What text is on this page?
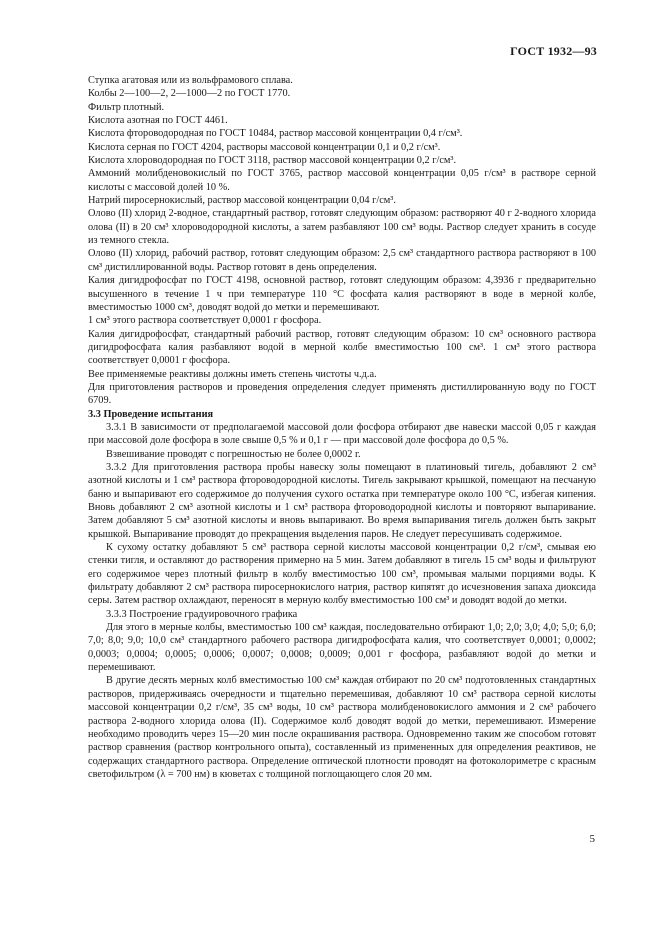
ГОСТ 1932—93

Ступка агатовая или из вольфрамового сплава.

Колбы 2—100—2, 2—1000—2 по ГОСТ 1770.

Фильтр плотный.

Кислота азотная по ГОСТ 4461.

Кислота фтороводородная по ГОСТ 10484, раствор массовой концентрации 0,4 г/см³.

Кислота серная по ГОСТ 4204, растворы массовой концентрации 0,1 и 0,2 г/см³.

Кислота хлороводородная по ГОСТ 3118, раствор массовой концентрации 0,2 г/см³.

Аммоний молибденовокислый по ГОСТ 3765, раствор массовой концентрации 0,05 г/см³ в растворе серной кислоты с массовой долей 10 %.

Натрий пиросернокислый, раствор массовой концентрации 0,04 г/см³.

Олово (II) хлорид 2-водное, стандартный раствор, готовят следующим образом: растворяют 40 г 2-водного хлорида олова (II) в 20 см³ хлороводородной кислоты, а затем разбавляют 100 см³ воды. Раствор следует хранить в сосуде из темного стекла.

Олово (II) хлорид, рабочий раствор, готовят следующим образом: 2,5 см³ стандартного раствора растворяют в 100 см³ дистиллированной воды. Раствор готовят в день определения.

Калия дигидрофосфат по ГОСТ 4198, основной раствор, готовят следующим образом: 4,3936 г предварительно высушенного в течение 1 ч при температуре 110 °С фосфата калия растворяют в воде в мерной колбе, вместимостью 1000 см³, доводят водой до метки и перемешивают.

1 см³ этого раствора соответствует 0,0001 г фосфора.

Калия дигидрофосфат, стандартный рабочий раствор, готовят следующим образом: 10 см³ основного раствора дигидрофосфата калия разбавляют водой в мерной колбе вместимостью 100 см³. 1 см³ этого раствора соответствует 0,0001 г фосфора.

Вее применяемые реактивы должны иметь степень чистоты ч.д.а.

Для приготовления растворов и проведения определения следует применять дистиллированную воду по ГОСТ 6709.

3.3 Проведение испытания

3.3.1 В зависимости от предполагаемой массовой доли фосфора отбирают две навески массой 0,05 г каждая при массовой доле фосфора в золе свыше 0,5 % и 0,1 г — при массовой доле фосфора до 0,5 %.

Взвешивание проводят с погрешностью не более 0,0002 г.

3.3.2 Для приготовления раствора пробы навеску золы помещают в платиновый тигель, добавляют 2 см³ азотной кислоты и 1 см³ раствора фтороводородной кислоты. Тигель закрывают крышкой, помещают на песчаную баню и выпаривают его содержимое до получения сухого остатка при температуре около 100 °С, избегая кипения. Вновь добавляют 2 см³ азотной кислоты и 1 см³ раствора фтороводородной кислоты и повторяют выпаривание. Затем добавляют 5 см³ азотной кислоты и вновь выпаривают. Во время выпаривания тигель должен быть закрыт крышкой. Выпаривание проводят до прекращения выделения паров. Не следует пересушивать содержимое.

К сухому остатку добавляют 5 см³ раствора серной кислоты массовой концентрации 0,2 г/см³, смывая ею стенки тигля, и оставляют до растворения примерно на 5 мин. Затем добавляют в тигель 15 см³ воды и фильтруют его содержимое через плотный фильтр в колбу вместимостью 100 см³, промывая малыми порциями воды. К фильтрату добавляют 2 см³ раствора пиросернокислого натрия, раствор кипятят до исчезновения запаха диоксида серы. Затем раствор охлаждают, переносят в мерную колбу вместимостью 100 см³ и доводят водой до метки.

3.3.3 Построение градуировочного графика

Для этого в мерные колбы, вместимостью 100 см³ каждая, последовательно отбирают 1,0; 2,0; 3,0; 4,0; 5,0; 6,0; 7,0; 8,0; 9,0; 10,0 см³ стандартного рабочего раствора дигидрофосфата калия, что соответствует 0,0001; 0,0002; 0,0003; 0,0004; 0,0005; 0,0006; 0,0007; 0,0008; 0,0009; 0,001 г фосфора, разбавляют водой до метки и перемешивают.

В другие десять мерных колб вместимостью 100 см³ каждая отбирают по 20 см³ подготовленных стандартных растворов, придерживаясь очередности и тщательно перемешивая, добавляют 10 см³ раствора серной кислоты массовой концентрации 0,2 г/см³, 35 см³ воды, 10 см³ раствора молибденовокислого аммония и 2 см³ рабочего раствора 2-водного хлорида олова (II). Содержимое колб доводят водой до метки, перемешивают. Измерение необходимо проводить через 15—20 мин после окрашивания раствора. Одновременно таким же способом готовят раствор сравнения (раствор контрольного опыта), составленный из примененных для определения реактивов, не содержащих стандартного раствора. Определение оптической плотности проводят на фотоколориметре с красным светофильтром (λ = 700 нм) в кюветах с толщиной поглощающего слоя 20 мм.

5
